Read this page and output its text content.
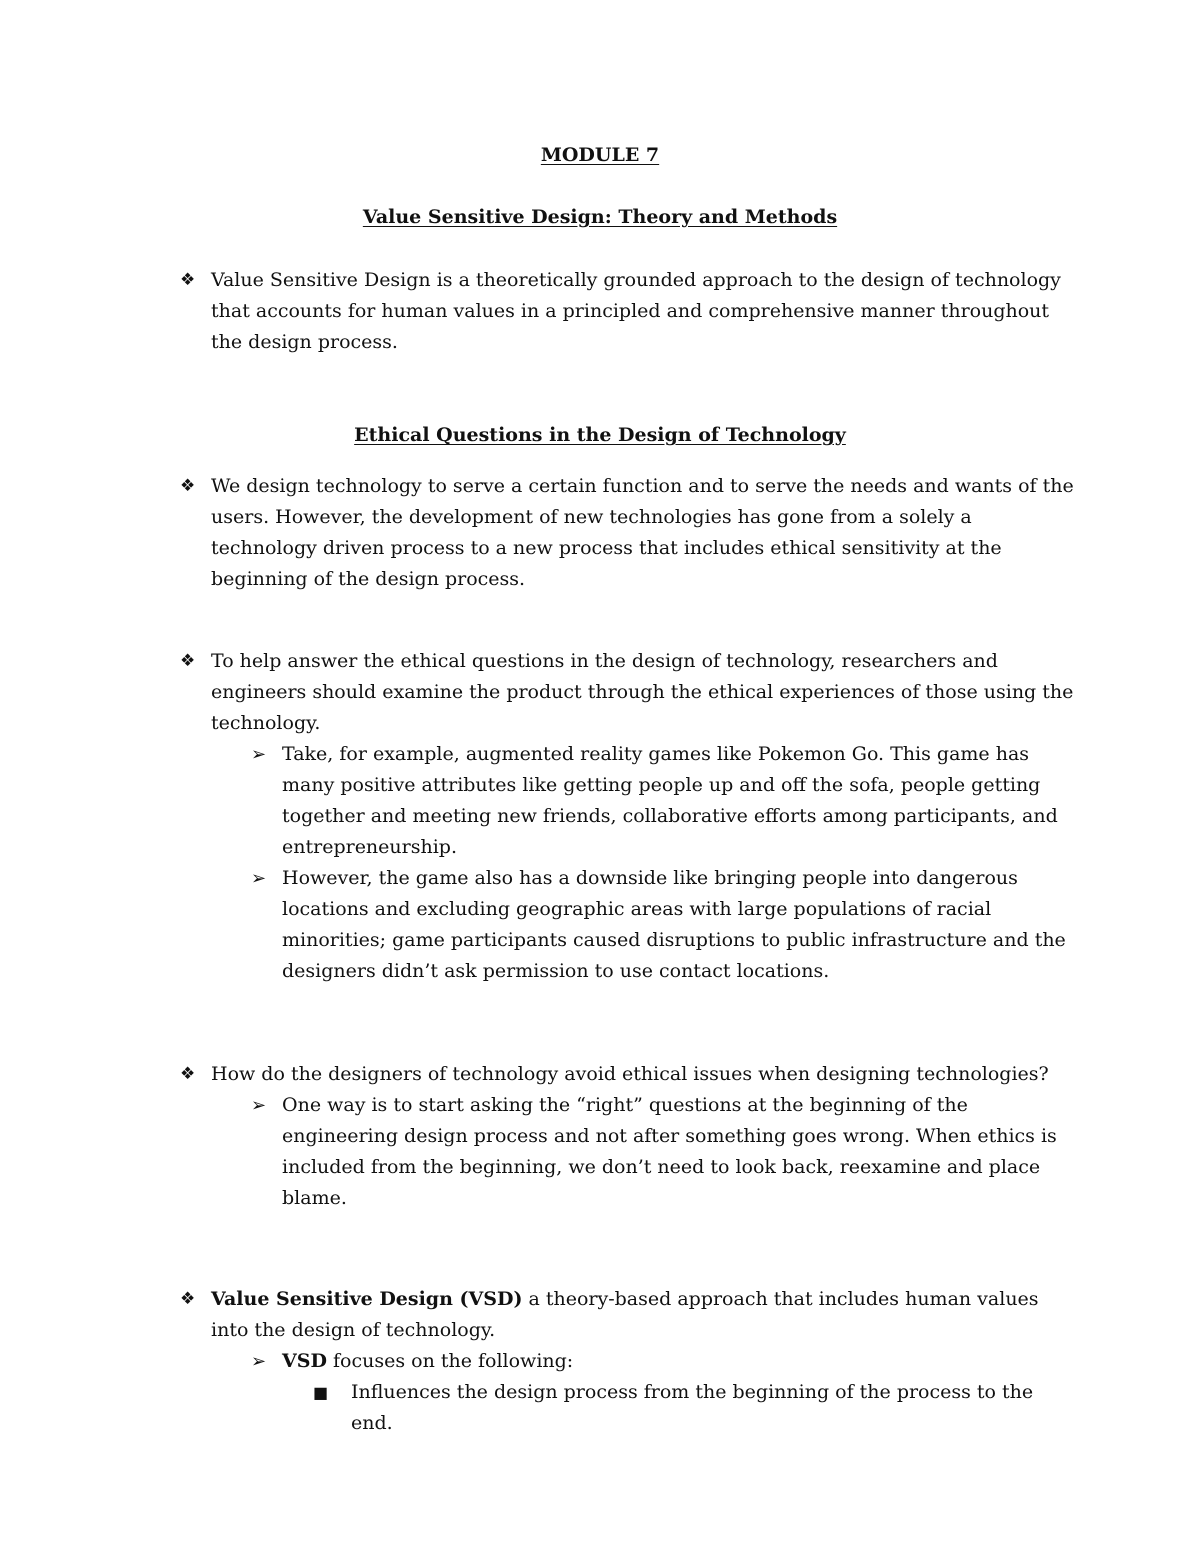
MODULE 7
Value Sensitive Design: Theory and Methods
❖ Value Sensitive Design is a theoretically grounded approach to the design of technology that accounts for human values in a principled and comprehensive manner throughout the design process.
Ethical Questions in the Design of Technology
❖ We design technology to serve a certain function and to serve the needs and wants of the users. However, the development of new technologies has gone from a solely a technology driven process to a new process that includes ethical sensitivity at the beginning of the design process.
❖ To help answer the ethical questions in the design of technology, researchers and engineers should examine the product through the ethical experiences of those using the technology.
➢ Take, for example, augmented reality games like Pokemon Go. This game has many positive attributes like getting people up and off the sofa, people getting together and meeting new friends, collaborative efforts among participants, and entrepreneurship.
➢ However, the game also has a downside like bringing people into dangerous locations and excluding geographic areas with large populations of racial minorities; game participants caused disruptions to public infrastructure and the designers didn’t ask permission to use contact locations.
❖ How do the designers of technology avoid ethical issues when designing technologies?
➢ One way is to start asking the “right” questions at the beginning of the engineering design process and not after something goes wrong. When ethics is included from the beginning, we don’t need to look back, reexamine and place blame.
❖ Value Sensitive Design (VSD) a theory-based approach that includes human values into the design of technology.
➢ VSD focuses on the following:
■ Influences the design process from the beginning of the process to the end.
